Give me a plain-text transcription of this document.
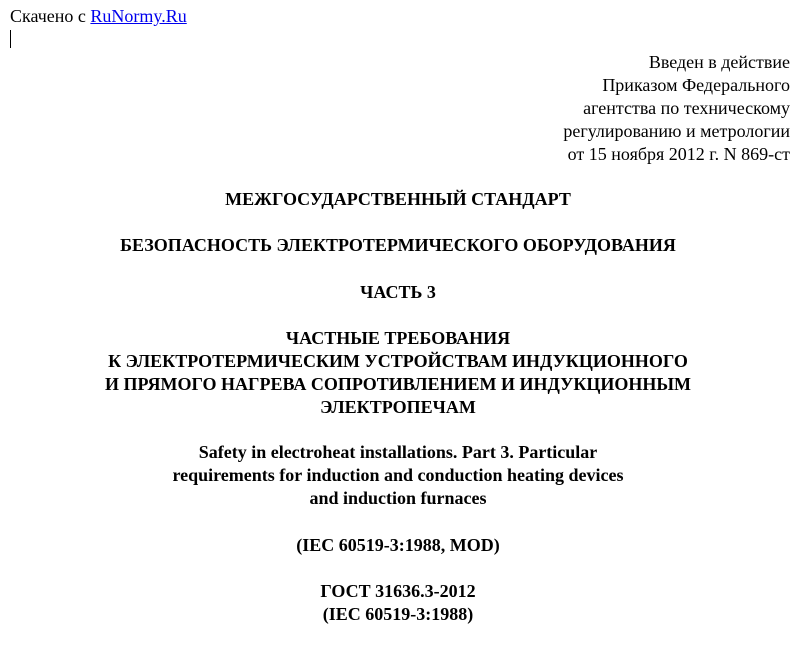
Скачено с RuNormy.Ru
Введен в действие
Приказом Федерального
агентства по техническому
регулированию и метрологии
от 15 ноября 2012 г. N 869-ст
МЕЖГОСУДАРСТВЕННЫЙ СТАНДАРТ
БЕЗОПАСНОСТЬ ЭЛЕКТРОТЕРМИЧЕСКОГО ОБОРУДОВАНИЯ
ЧАСТЬ 3
ЧАСТНЫЕ ТРЕБОВАНИЯ
К ЭЛЕКТРОТЕРМИЧЕСКИМ УСТРОЙСТВАМ ИНДУКЦИОННОГО
И ПРЯМОГО НАГРЕВА СОПРОТИВЛЕНИЕМ И ИНДУКЦИОННЫМ
ЭЛЕКТРОПЕЧАМ
Safety in electroheat installations. Part 3. Particular
requirements for induction and conduction heating devices
and induction furnaces
(IEC 60519-3:1988, MOD)
ГОСТ 31636.3-2012
(IEC 60519-3:1988)
